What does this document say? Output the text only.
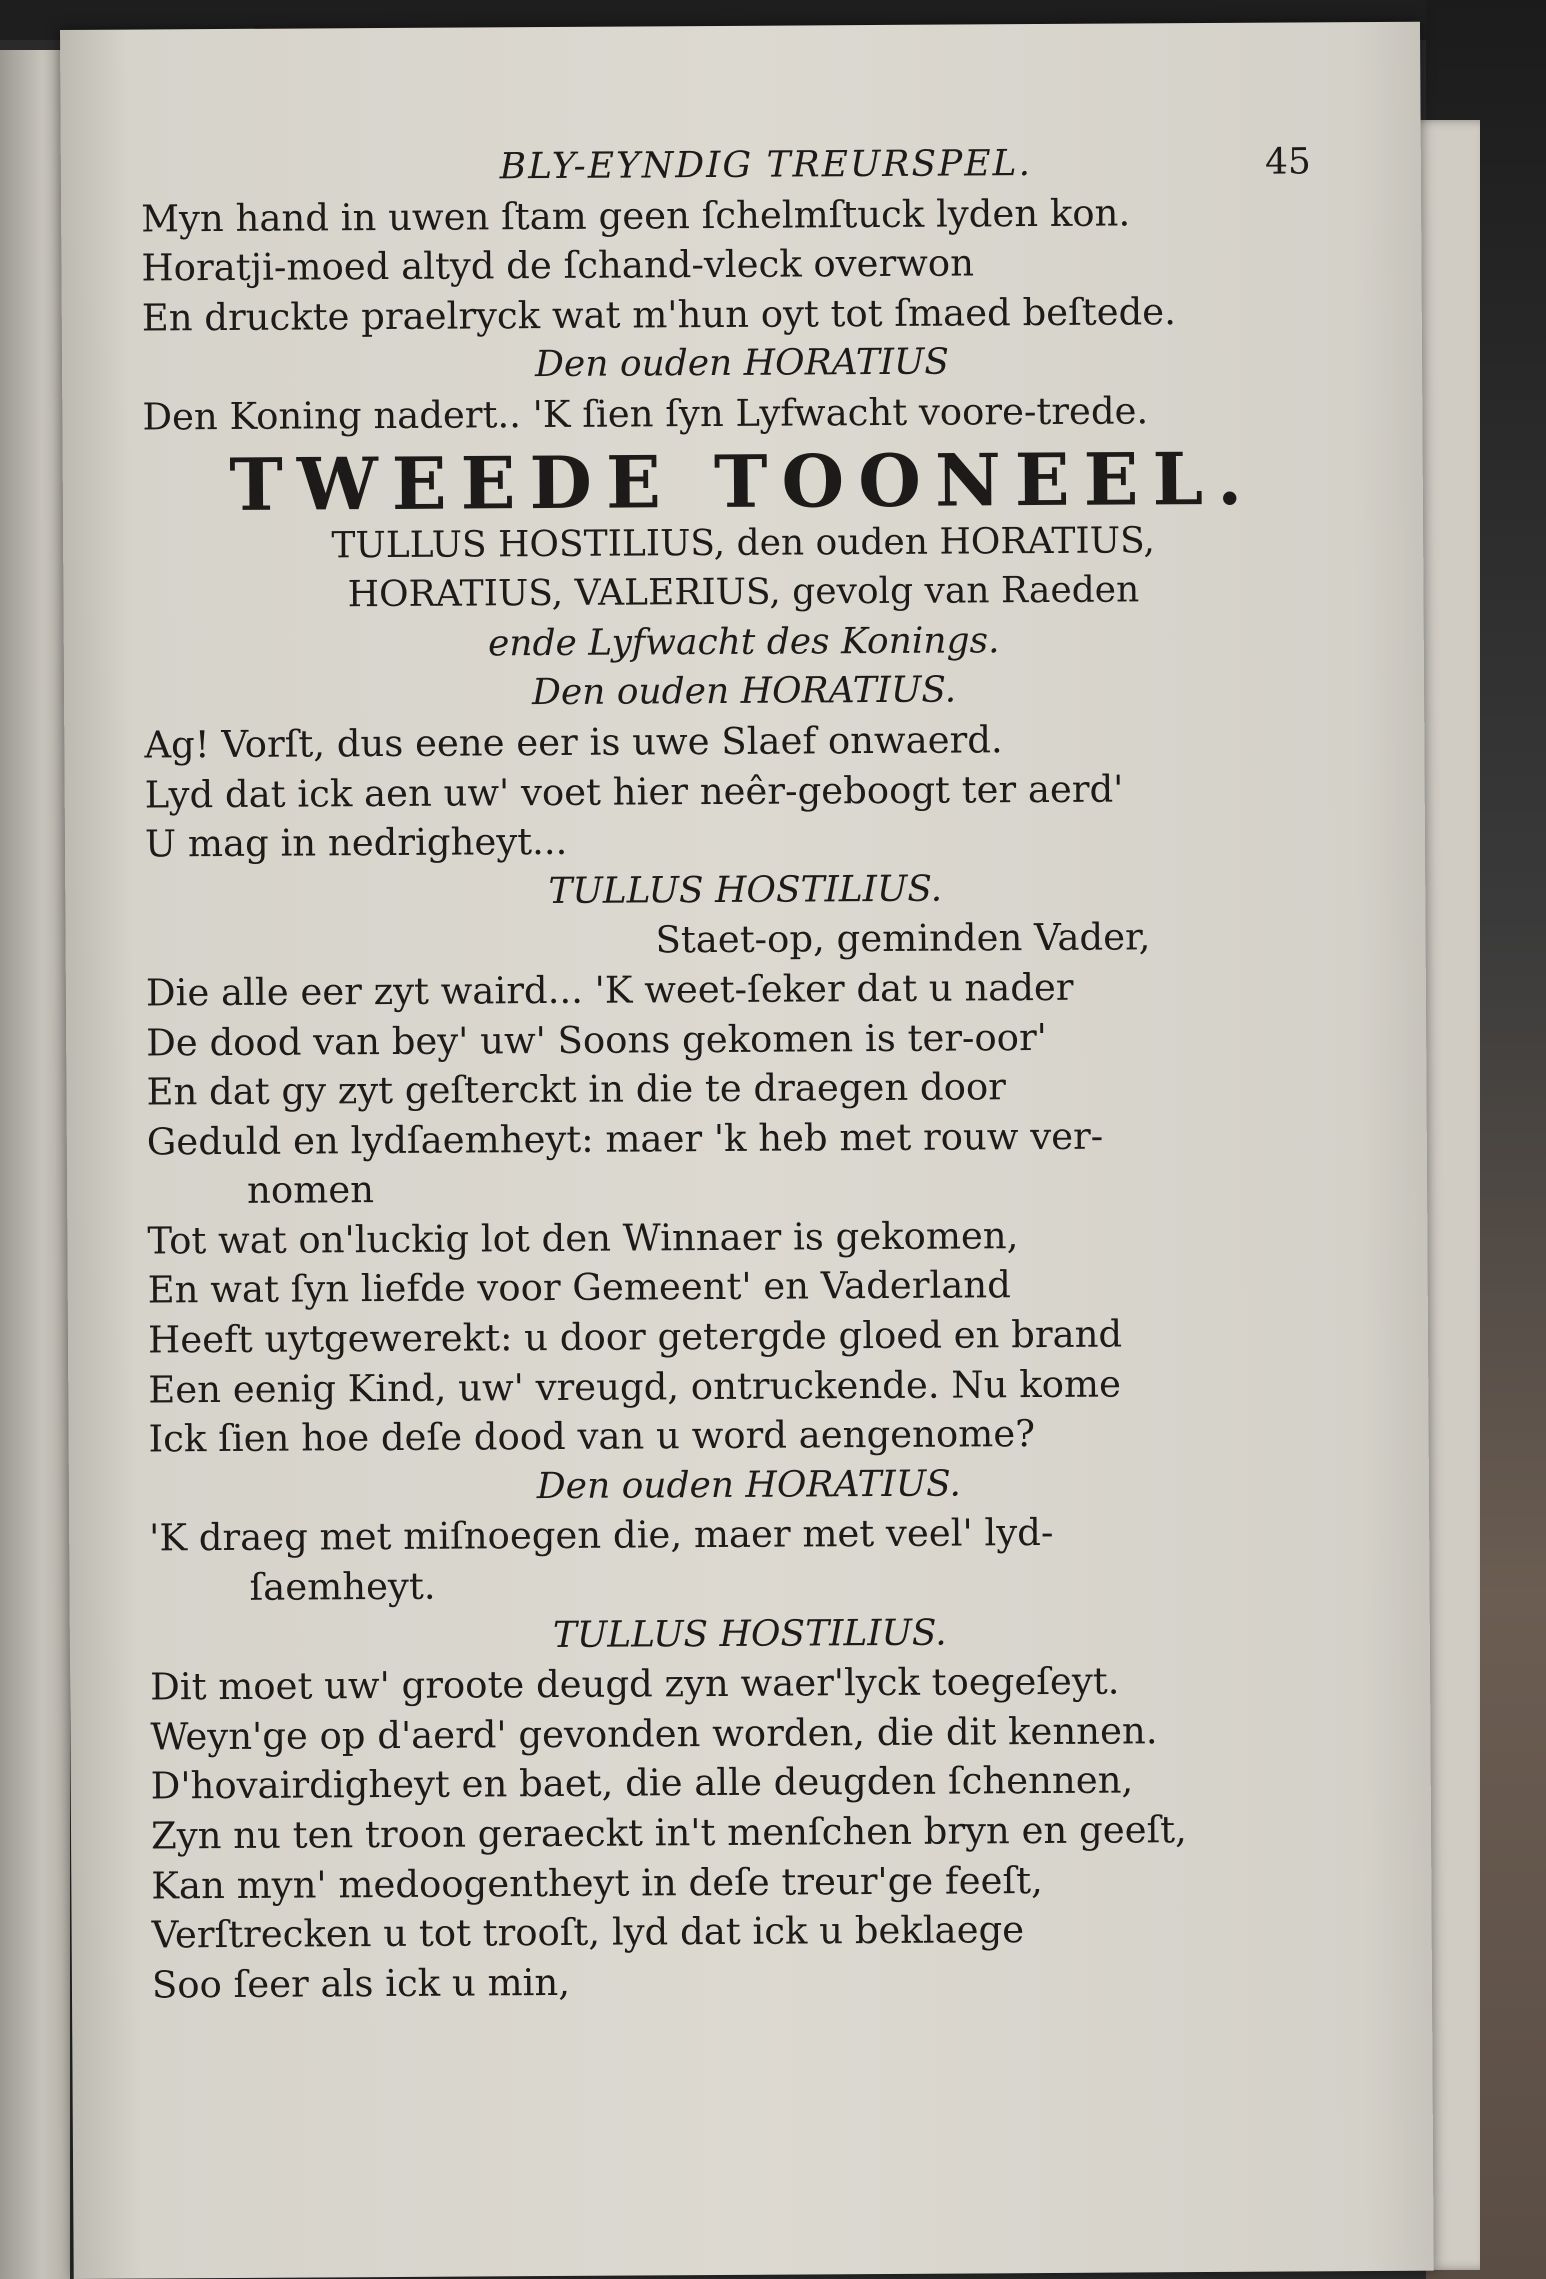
BLY-EYNDIG TREURSPEL.	45
Myn hand in uwen ſtam geen ſchelmſtuck lyden kon.
Horatji-moed altyd de ſchand-vleck overwon
En druckte praelryck wat m'hun oyt tot ſmaed beſtede.
Den ouden HORATIUS
Den Koning nadert.. 'K ſien ſyn Lyfwacht voore-trede.
TWEEDE TOONEEL.
TULLUS HOSTILIUS, den ouden HORATIUS,
HORATIUS, VALERIUS, gevolg van Raeden
ende Lyfwacht des Konings.
Den ouden HORATIUS.
Ag! Vorſt, dus eene eer is uwe Slaef onwaerd.
Lyd dat ick aen uw' voet hier neêr-geboogt ter aerd'
U mag in nedrigheyt...
TULLUS HOSTILIUS.
Staet-op, geminden Vader,
Die alle eer zyt waird... 'K weet-ſeker dat u nader
De dood van bey' uw' Soons gekomen is ter-oor'
En dat gy zyt geſterckt in die te draegen door
Geduld en lydſaemheyt: maer 'k heb met rouw ver-
nomen
Tot wat on'luckig lot den Winnaer is gekomen,
En wat ſyn liefde voor Gemeent' en Vaderland
Heeft uytgewerekt: u door getergde gloed en brand
Een eenig Kind, uw' vreugd, ontruckende. Nu kome
Ick ſien hoe deſe dood van u word aengenome?
Den ouden HORATIUS.
'K draeg met miſnoegen die, maer met veel' lyd-
ſaemheyt.
TULLUS HOSTILIUS.
Dit moet uw' groote deugd zyn waer'lyck toegeſeyt.
Weyn'ge op d'aerd' gevonden worden, die dit kennen.
D'hovairdigheyt en baet, die alle deugden ſchennen,
Zyn nu ten troon geraeckt in't menſchen bryn en geeſt,
Kan myn' medoogentheyt in deſe treur'ge feeſt,
Verſtrecken u tot trooſt, lyd dat ick u beklaege
Soo ſeer als ick u min,
